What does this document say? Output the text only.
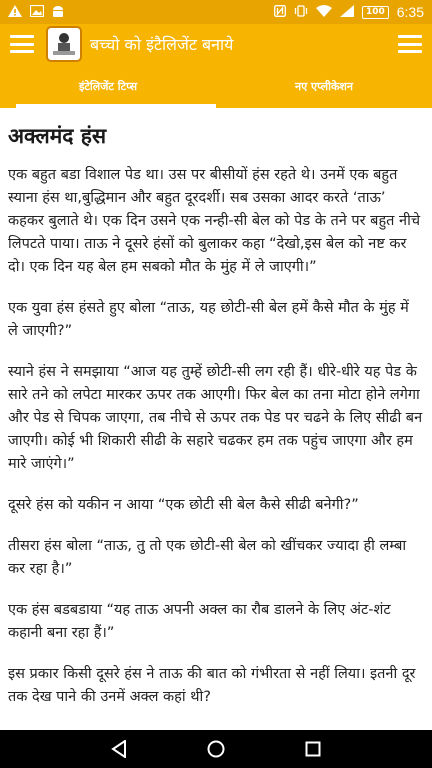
100 6:35
बच्चो को इंटैलिजेंट बनाये
इंटेलिजेंट टिप्स	नए एप्लीकेशन
अक्लमंद हंस

एक बहुत बडा विशाल पेड था। उस पर बीसीयों हंस रहते थे। उनमें एक बहुत स्याना हंस था,बुद्धिमान और बहुत दूरदर्शी। सब उसका आदर करते ‘ताऊ’ कहकर बुलाते थे। एक दिन उसने एक नन्ही-सी बेल को पेड के तने पर बहुत नीचे लिपटते पाया। ताऊ ने दूसरे हंसों को बुलाकर कहा “देखो,इस बेल को नष्ट कर दो। एक दिन यह बेल हम सबको मौत के मुंह में ले जाएगी।”

एक युवा हंस हंसते हुए बोला “ताऊ, यह छोटी-सी बेल हमें कैसे मौत के मुंह में ले जाएगी?”

स्याने हंस ने समझाया “आज यह तुम्हें छोटी-सी लग रही हैं। धीरे-धीरे यह पेड के सारे तने को लपेटा मारकर ऊपर तक आएगी। फिर बेल का तना मोटा होने लगेगा और पेड से चिपक जाएगा, तब नीचे से ऊपर तक पेड पर चढने के लिए सीढी बन जाएगी। कोई भी शिकारी सीढी के सहारे चढकर हम तक पहुंच जाएगा और हम मारे जाएंगे।”

दूसरे हंस को यकीन न आया “एक छोटी सी बेल कैसे सीढी बनेगी?”

तीसरा हंस बोला “ताऊ, तु तो एक छोटी-सी बेल को खींचकर ज्यादा ही लम्बा कर रहा है।”

एक हंस बडबडाया “यह ताऊ अपनी अक्ल का रौब डालने के लिए अंट-शंट कहानी बना रहा हैं।”

इस प्रकार किसी दूसरे हंस ने ताऊ की बात को गंभीरता से नहीं लिया। इतनी दूर तक देख पाने की उनमें अक्ल कहां थी?
